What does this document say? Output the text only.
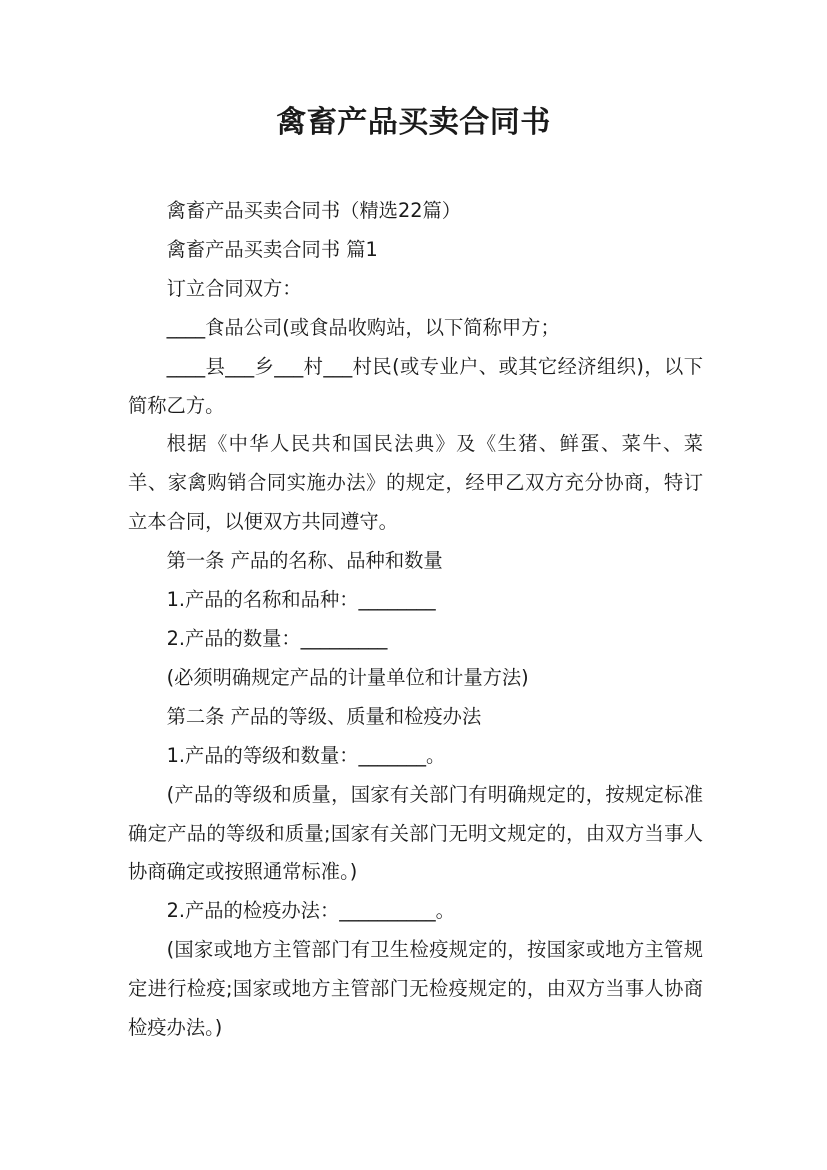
禽畜产品买卖合同书

禽畜产品买卖合同书（精选22篇）

禽畜产品买卖合同书 篇1

订立合同双方：

____食品公司(或食品收购站，以下简称甲方；

____县___乡___村___村民(或专业户、或其它经济组织)，以下简称乙方。

根据《中华人民共和国民法典》及《生猪、鲜蛋、菜牛、菜羊、家禽购销合同实施办法》的规定，经甲乙双方充分协商，特订立本合同，以便双方共同遵守。

第一条 产品的名称、品种和数量

1.产品的名称和品种：________

2.产品的数量：_________

(必须明确规定产品的计量单位和计量方法)

第二条 产品的等级、质量和检疫办法

1.产品的等级和数量：_______。

(产品的等级和质量，国家有关部门有明确规定的，按规定标准确定产品的等级和质量;国家有关部门无明文规定的，由双方当事人协商确定或按照通常标准。)

2.产品的检疫办法：__________。

(国家或地方主管部门有卫生检疫规定的，按国家或地方主管规定进行检疫;国家或地方主管部门无检疫规定的，由双方当事人协商检疫办法。)
